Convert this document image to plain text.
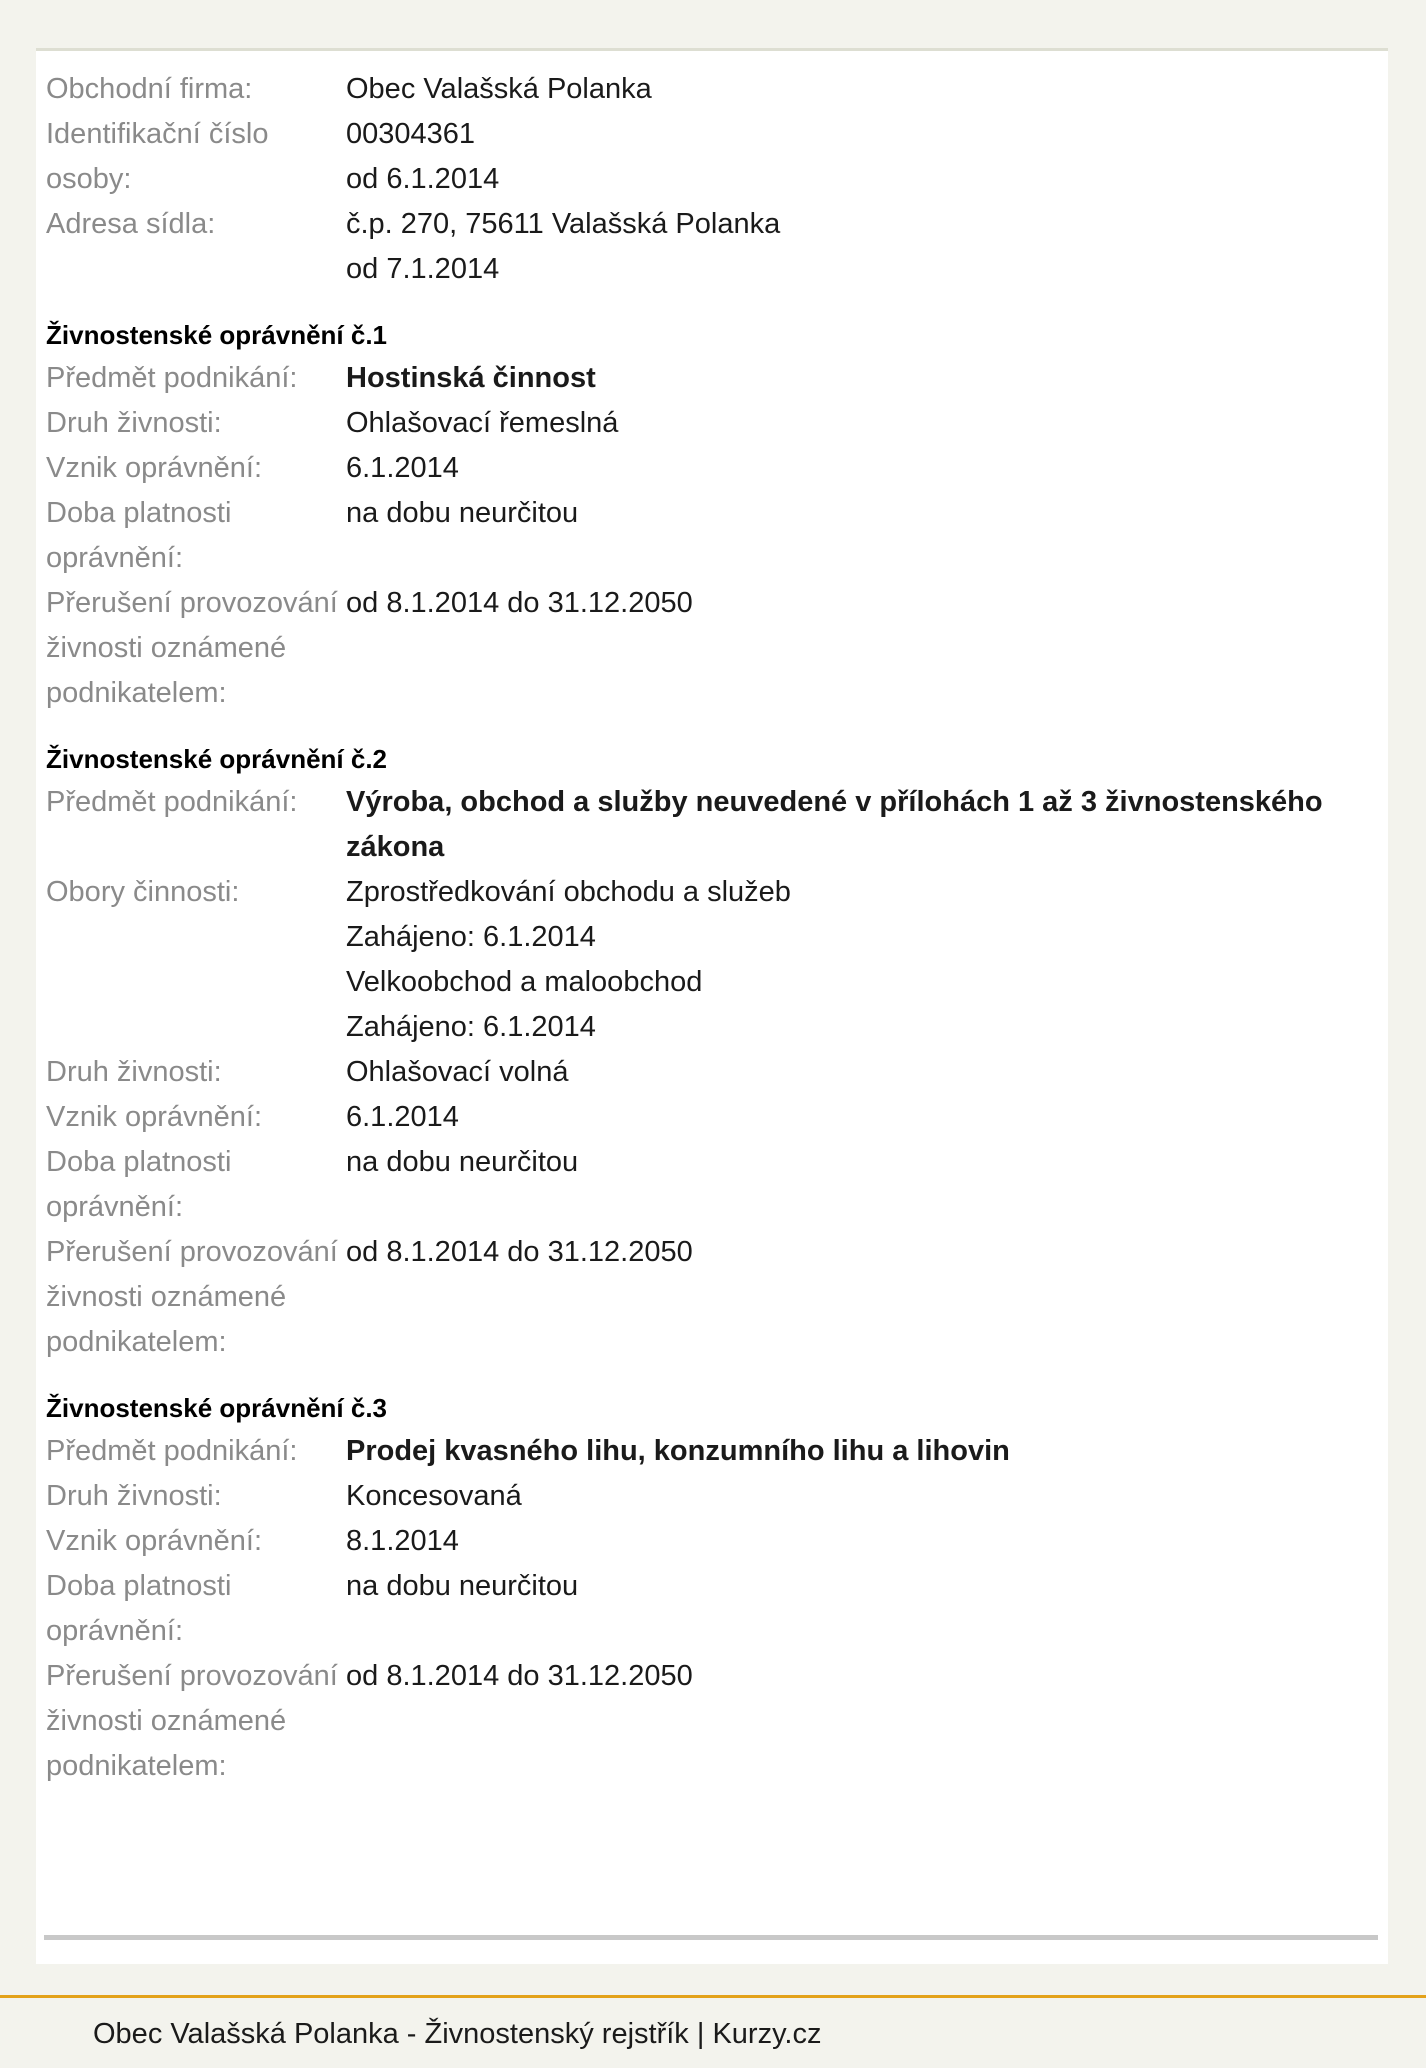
Obchodní firma:	Obec Valašská Polanka
Identifikační číslo osoby:
00304361
od 6.1.2014
Adresa sídla:	č.p. 270, 75611 Valašská Polanka
od 7.1.2014
Živnostenské oprávnění č.1
Předmět podnikání:	Hostinská činnost
Druh živnosti:	Ohlašovací řemeslná
Vznik oprávnění:	6.1.2014
Doba platnosti oprávnění:
na dobu neurčitou
Přerušení provozování živnosti oznámené podnikatelem:
od 8.1.2014 do 31.12.2050
Živnostenské oprávnění č.2
Předmět podnikání:	Výroba, obchod a služby neuvedené v přílohách 1 až 3 živnostenského zákona
Obory činnosti:	Zprostředkování obchodu a služeb
Zahájeno: 6.1.2014
Velkoobchod a maloobchod
Zahájeno: 6.1.2014
Druh živnosti:	Ohlašovací volná
Vznik oprávnění:	6.1.2014
Doba platnosti oprávnění:
na dobu neurčitou
Přerušení provozování živnosti oznámené podnikatelem:
od 8.1.2014 do 31.12.2050
Živnostenské oprávnění č.3
Předmět podnikání:	Prodej kvasného lihu, konzumního lihu a lihovin
Druh živnosti:	Koncesovaná
Vznik oprávnění:	8.1.2014
Doba platnosti oprávnění:
na dobu neurčitou
Přerušení provozování živnosti oznámené podnikatelem:
od 8.1.2014 do 31.12.2050
Obec Valašská Polanka - Živnostenský rejstřík | Kurzy.cz
